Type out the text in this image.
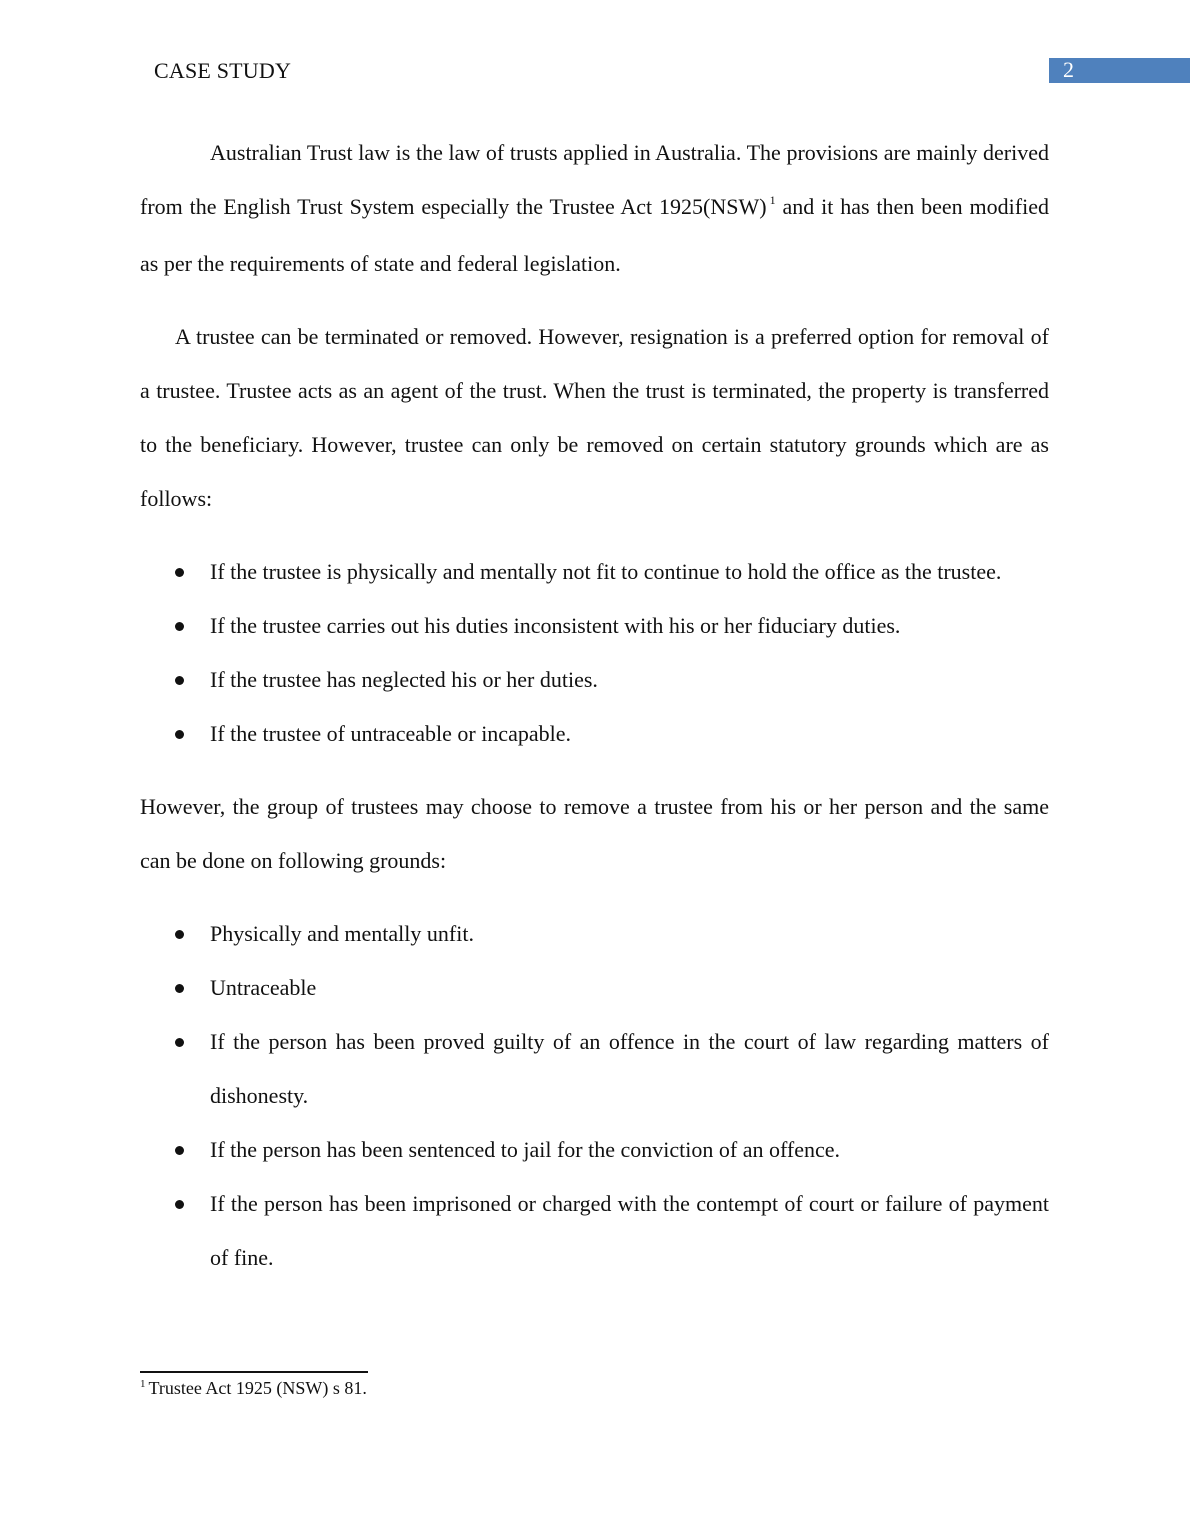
CASE STUDY	2

Australian Trust law is the law of trusts applied in Australia. The provisions are mainly derived from the English Trust System especially the Trustee Act 1925(NSW) $^1$ and it has then been modified as per the requirements of state and federal legislation.

A trustee can be terminated or removed. However, resignation is a preferred option for removal of a trustee. Trustee acts as an agent of the trust. When the trust is terminated, the property is transferred to the beneficiary. However, trustee can only be removed on certain statutory grounds which are as follows:

If the trustee is physically and mentally not fit to continue to hold the office as the trustee.
If the trustee carries out his duties inconsistent with his or her fiduciary duties.
If the trustee has neglected his or her duties.
If the trustee of untraceable or incapable.

However, the group of trustees may choose to remove a trustee from his or her person and the same can be done on following grounds:

Physically and mentally unfit.
Untraceable
If the person has been proved guilty of an offence in the court of law regarding matters of dishonesty.
If the person has been sentenced to jail for the conviction of an offence.
If the person has been imprisoned or charged with the contempt of court or failure of payment of fine.
$^1$ Trustee Act 1925 (NSW) s 81.
